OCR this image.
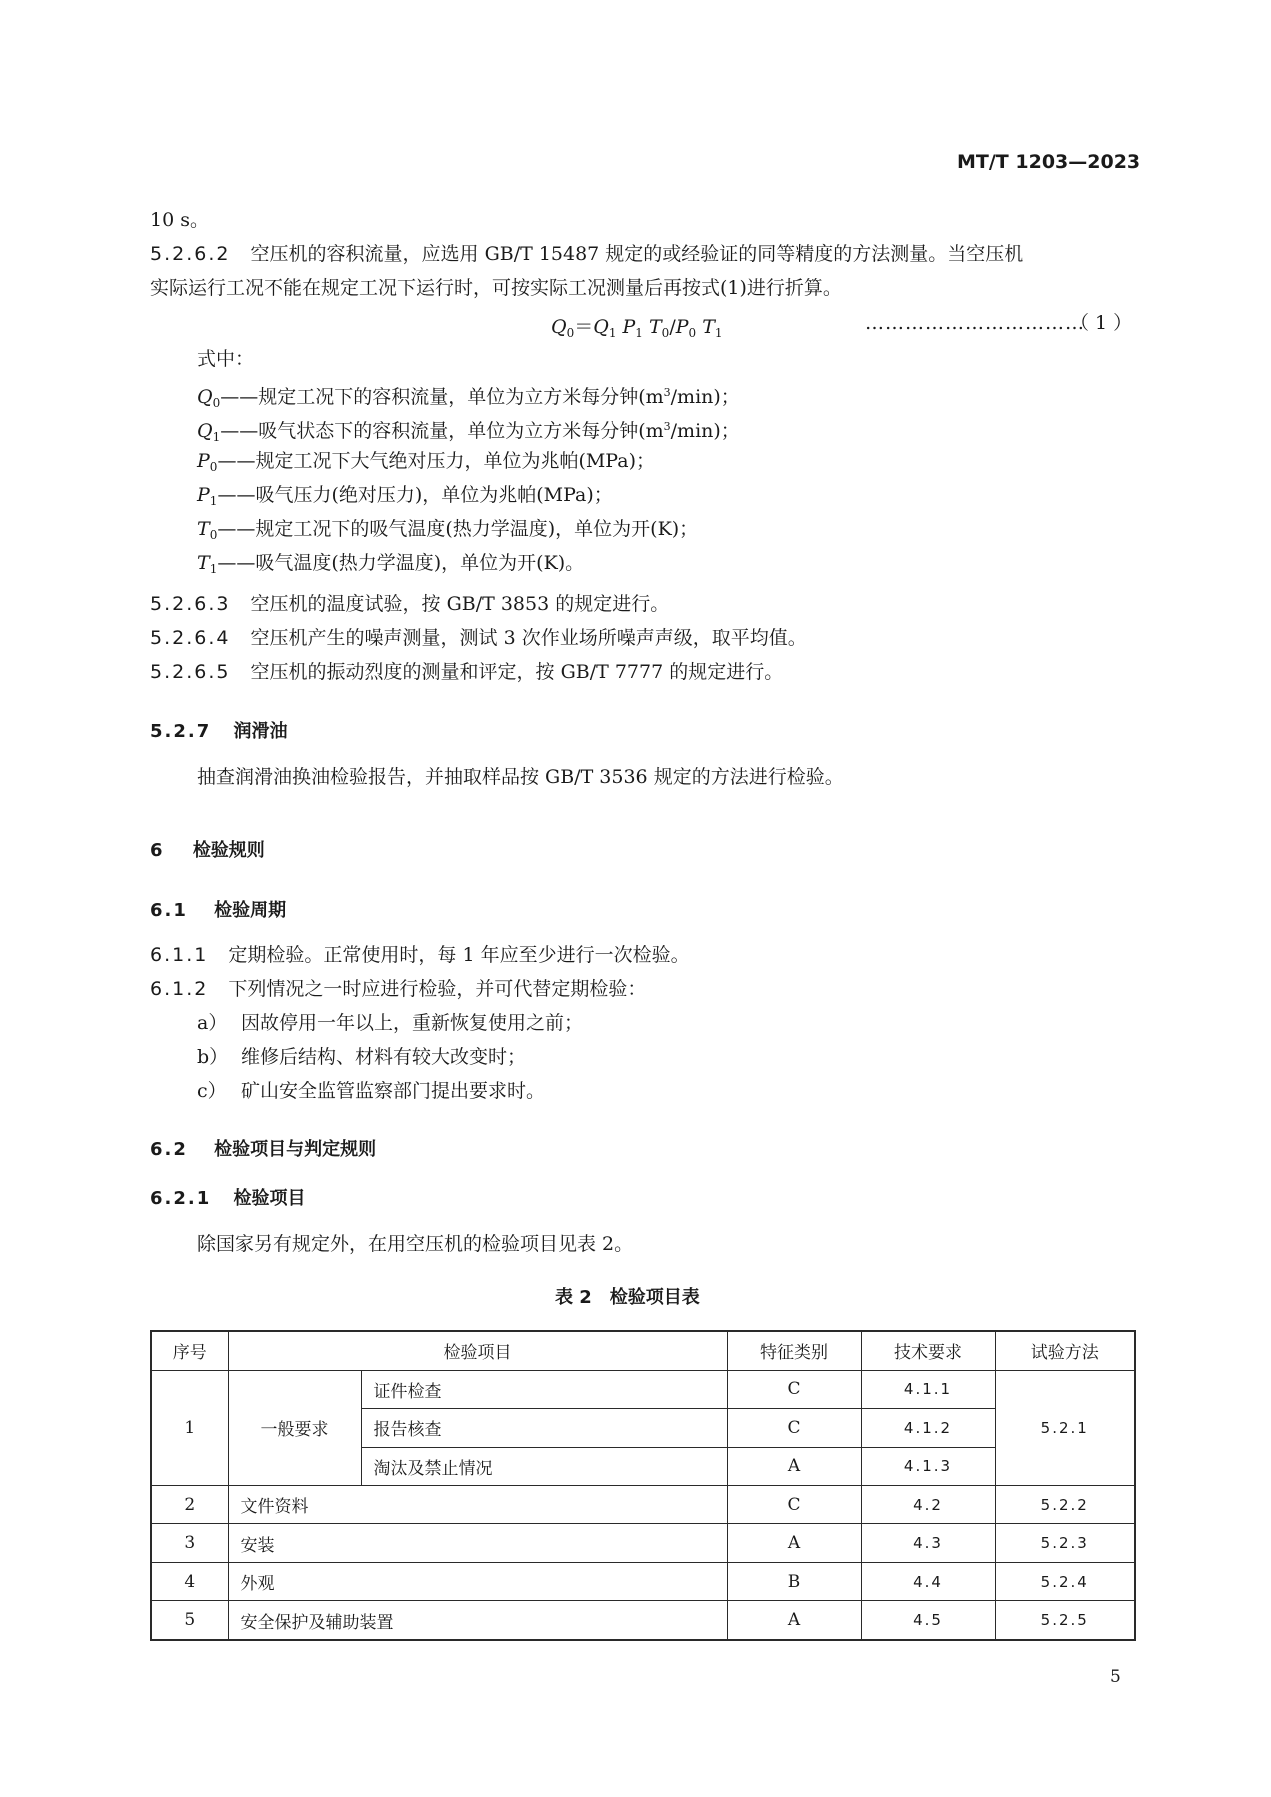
MT/T 1203—2023
10 s。
5.2.6.2 空压机的容积流量，应选用 GB/T 15487 规定的或经验证的同等精度的方法测量。当空压机
实际运行工况不能在规定工况下运行时，可按实际工况测量后再按式(1)进行折算。
$Q_0=Q_1$ $P_1$ $T_0/P_0$ $T_1$	……………………………
（ 1 ）
式中：
$Q_0——$规定工况下的容积流量，单位为立方米每分钟$(m^3/\min)$；
$Q_1——$吸气状态下的容积流量，单位为立方米每分钟$(m^3/\min)$；
$P_0——$规定工况下大气绝对压力，单位为兆帕(MPa)；
$P_1——$吸气压力(绝对压力)，单位为兆帕(MPa)；
$T_0——$规定工况下的吸气温度(热力学温度)，单位为开(K)；
$T_1——$吸气温度(热力学温度)，单位为开(K)。
5.2.6.3 空压机的温度试验，按 GB/T 3853 的规定进行。
5.2.6.4 空压机产生的噪声测量，测试 3 次作业场所噪声声级，取平均值。
5.2.6.5 空压机的振动烈度的测量和评定，按 GB/T 7777 的规定进行。
5.2.7 润滑油
抽查润滑油换油检验报告，并抽取样品按 GB/T 3536 规定的方法进行检验。
6 检验规则
6.1 检验周期
6.1.1 定期检验。正常使用时，每 1 年应至少进行一次检验。
6.1.2 下列情况之一时应进行检验，并可代替定期检验：
a） 因故停用一年以上，重新恢复使用之前；
b） 维修后结构、材料有较大改变时；
c） 矿山安全监管监察部门提出要求时。
6.2 检验项目与判定规则
6.2.1 检验项目
除国家另有规定外，在用空压机的检验项目见表 2。
表 2　检验项目表
序号	检验项目		特征类别	技术要求	试验方法
1	一般要求	证件检查	C	4.1.1	5.2.1
		报告核查	C	4.1.2	
		淘汰及禁止情况	A	4.1.3	
2	文件资料		C	4.2	5.2.2
3	安装		A	4.3	5.2.3
4	外观		B	4.4	5.2.4
5	安全保护及辅助装置		A	4.5	5.2.5
5
